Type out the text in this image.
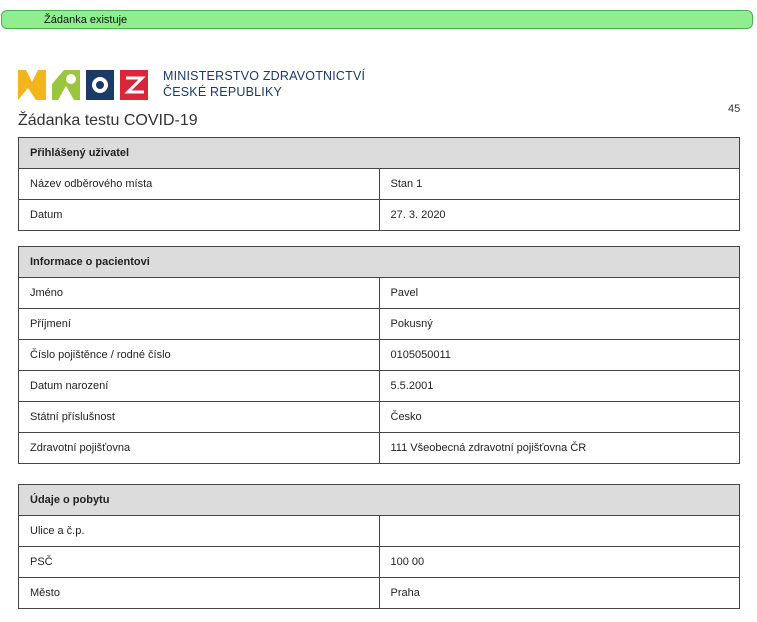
Žádanka existuje
MINISTERSTVO ZDRAVOTNICTVÍ
ČESKÉ REPUBLIKY
45
Žádanka testu COVID-19
Přihlášený uživatel	
Název odběrového místa	Stan 1
Datum	27. 3. 2020
Informace o pacientovi	
Jméno	Pavel
Příjmení	Pokusný
Číslo pojištěnce / rodné číslo	0105050011
Datum narození	5.5.2001
Státní příslušnost	Česko
Zdravotní pojišťovna	111 Všeobecná zdravotní pojišťovna ČR
Údaje o pobytu	
Ulice a č.p.	
PSČ	100 00
Město	Praha
